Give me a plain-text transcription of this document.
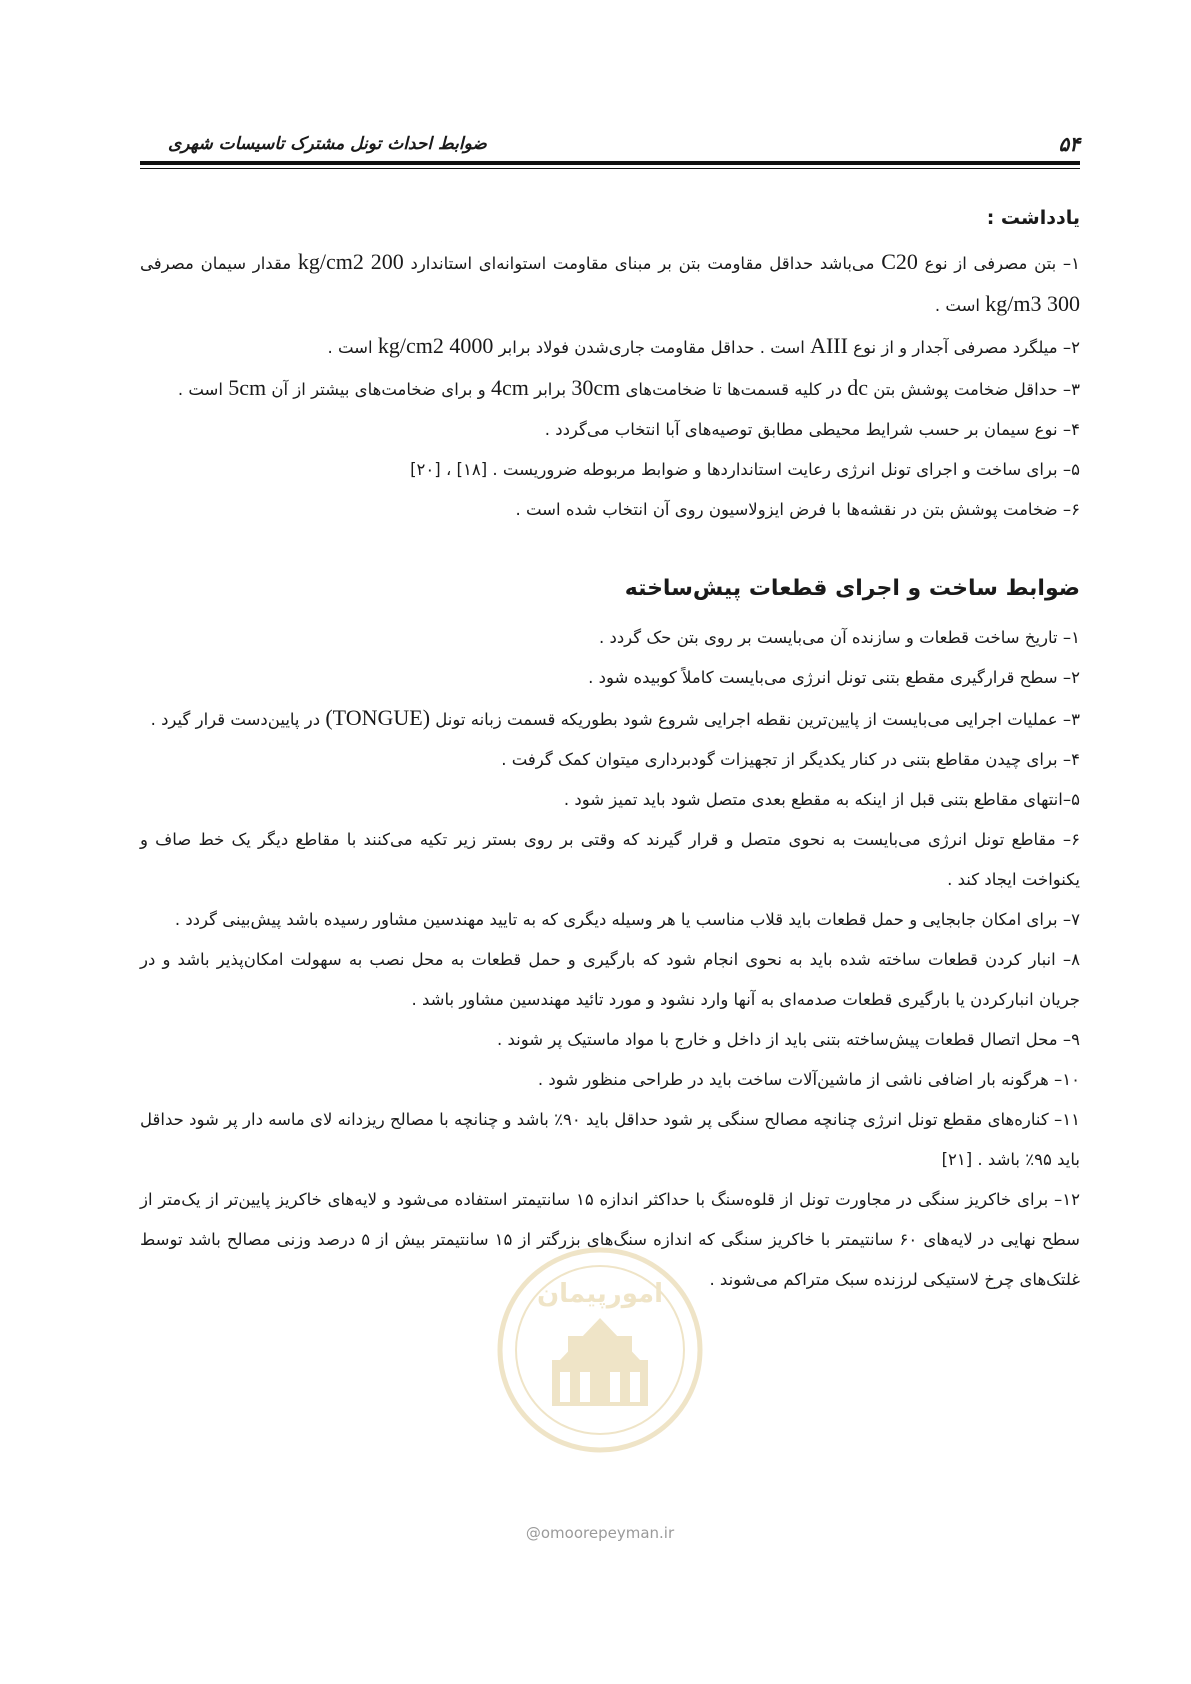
۵۴
ضوابط احداث تونل مشترک تاسیسات شهری
یادداشت :

۱– بتن مصرفی از نوع C20 می‌باشد حداقل مقاومت بتن بر مبنای مقاومت استوانه‌ای استاندارد 200 kg/cm2 مقدار سیمان مصرفی 300 kg/m3 است .

۲– میلگرد مصرفی آجدار و از نوع AIII است . حداقل مقاومت جاری‌شدن فولاد برابر 4000 kg/cm2 است .

۳– حداقل ضخامت پوشش بتن dc در کلیه قسمت‌ها تا ضخامت‌های 30cm برابر 4cm و برای ضخامت‌های بیشتر از آن 5cm است .

۴– نوع سیمان بر حسب شرایط محیطی مطابق توصیه‌های آبا انتخاب می‌گردد .

۵– برای ساخت و اجرای تونل انرژی رعایت استانداردها و ضوابط مربوطه ضروریست . [۱۸] ، [۲۰]

۶– ضخامت پوشش بتن در نقشه‌ها با فرض ایزولاسیون روی آن انتخاب شده است .

ضوابط ساخت و اجرای قطعات پیش‌ساخته

۱– تاریخ ساخت قطعات و سازنده آن می‌بایست بر روی بتن حک گردد .

۲– سطح قرارگیری مقطع بتنی تونل انرژی می‌بایست کاملاً کوبیده شود .

۳– عملیات اجرایی می‌بایست از پایین‌ترین نقطه اجرایی شروع شود بطوریکه قسمت زبانه تونل (TONGUE) در پایین‌دست قرار گیرد .

۴– برای چیدن مقاطع بتنی در کنار یکدیگر از تجهیزات گودبرداری میتوان کمک گرفت .

۵–انتهای مقاطع بتنی قبل از اینکه به مقطع بعدی متصل شود باید تمیز شود .

۶– مقاطع تونل انرژی می‌بایست به نحوی متصل و قرار گیرند که وقتی بر روی بستر زیر تکیه می‌کنند با مقاطع دیگر یک خط صاف و یکنواخت ایجاد کند .

۷– برای امکان جابجایی و حمل قطعات باید قلاب مناسب یا هر وسیله دیگری که به تایید مهندسین مشاور رسیده باشد پیش‌بینی گردد .

۸– انبار کردن قطعات ساخته شده باید به نحوی انجام شود که بارگیری و حمل قطعات به محل نصب به سهولت امکان‌پذیر باشد و در جریان انبارکردن یا بارگیری قطعات صدمه‌ای به آنها وارد نشود و مورد تائید مهندسین مشاور باشد .

۹– محل اتصال قطعات پیش‌ساخته بتنی باید از داخل و خارج با مواد ماستیک پر شوند .

۱۰– هرگونه بار اضافی ناشی از ماشین‌آلات ساخت باید در طراحی منظور شود .

۱۱– کناره‌های مقطع تونل انرژی چنانچه مصالح سنگی پر شود حداقل باید ۹۰٪ باشد و چنانچه با مصالح ریزدانه لای ماسه دار پر شود حداقل باید ۹۵٪ باشد . [۲۱]

۱۲– برای خاکریز سنگی در مجاورت تونل از قلوه‌سنگ با حداکثر اندازه ۱۵ سانتیمتر استفاده می‌شود و لایه‌های خاکریز پایین‌تر از یک‌متر از سطح نهایی در لایه‌های ۶۰ سانتیمتر با خاکریز سنگی که اندازه سنگ‌های بزرگتر از ۱۵ سانتیمتر بیش از ۵ درصد وزنی مصالح باشد توسط غلتک‌های چرخ لاستیکی لرزنده سبک متراکم می‌شوند .

امورپیمان
@omoorepeyman.ir
